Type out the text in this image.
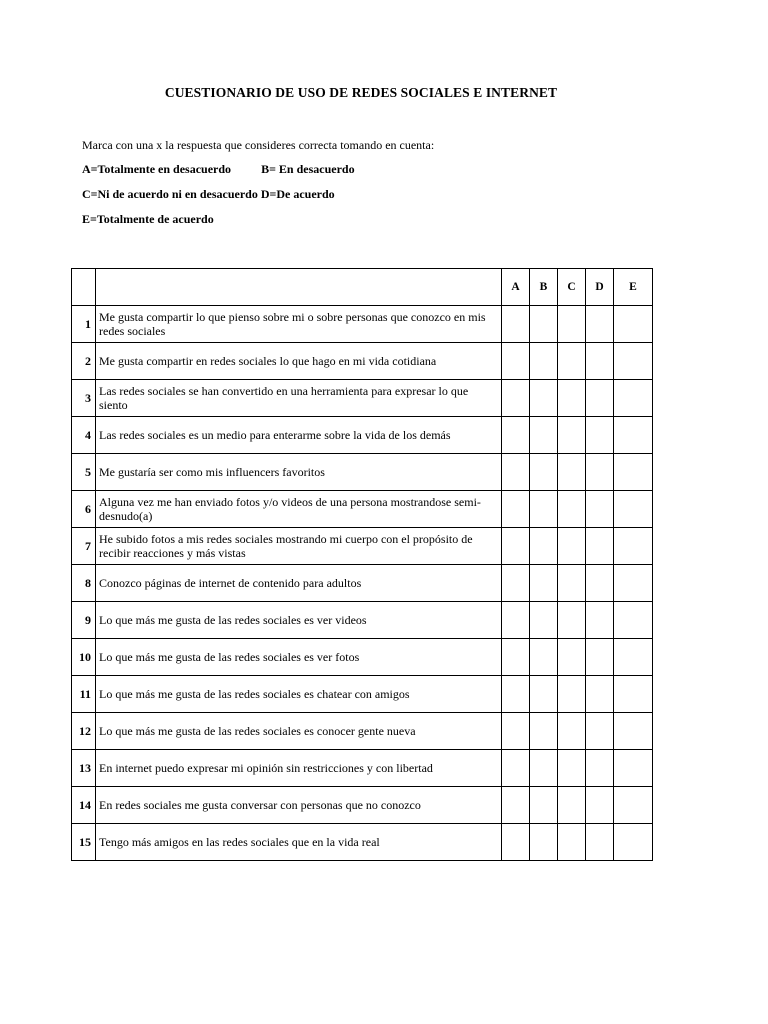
CUESTIONARIO DE USO DE REDES SOCIALES E INTERNET
Marca con una x la respuesta que consideres correcta tomando en cuenta:
A=Totalmente en desacuerdo	B= En desacuerdo
C=Ni de acuerdo ni en desacuerdo D=De acuerdo
E=Totalmente de acuerdo
		A	B	C	D	E
1	Me gusta compartir lo que pienso sobre mi o sobre personas que conozco en mis redes sociales					
2	Me gusta compartir en redes sociales lo que hago en mi vida cotidiana					
3	Las redes sociales se han convertido en una herramienta para expresar lo que siento					
4	Las redes sociales es un medio para enterarme sobre la vida de los demás					
5	Me gustaría ser como mis influencers favoritos					
6	Alguna vez me han enviado fotos y/o videos de una persona mostrandose semi-desnudo(a)					
7	He subido fotos a mis redes sociales mostrando mi cuerpo con el propósito de recibir reacciones y más vistas					
8	Conozco páginas de internet de contenido para adultos					
9	Lo que más me gusta de las redes sociales es ver videos					
10	Lo que más me gusta de las redes sociales es ver fotos					
11	Lo que más me gusta de las redes sociales es chatear con amigos					
12	Lo que más me gusta de las redes sociales es conocer gente nueva					
13	En internet puedo expresar mi opinión sin restricciones y con libertad					
14	En redes sociales me gusta conversar con personas que no conozco					
15	Tengo más amigos en las redes sociales que en la vida real					
